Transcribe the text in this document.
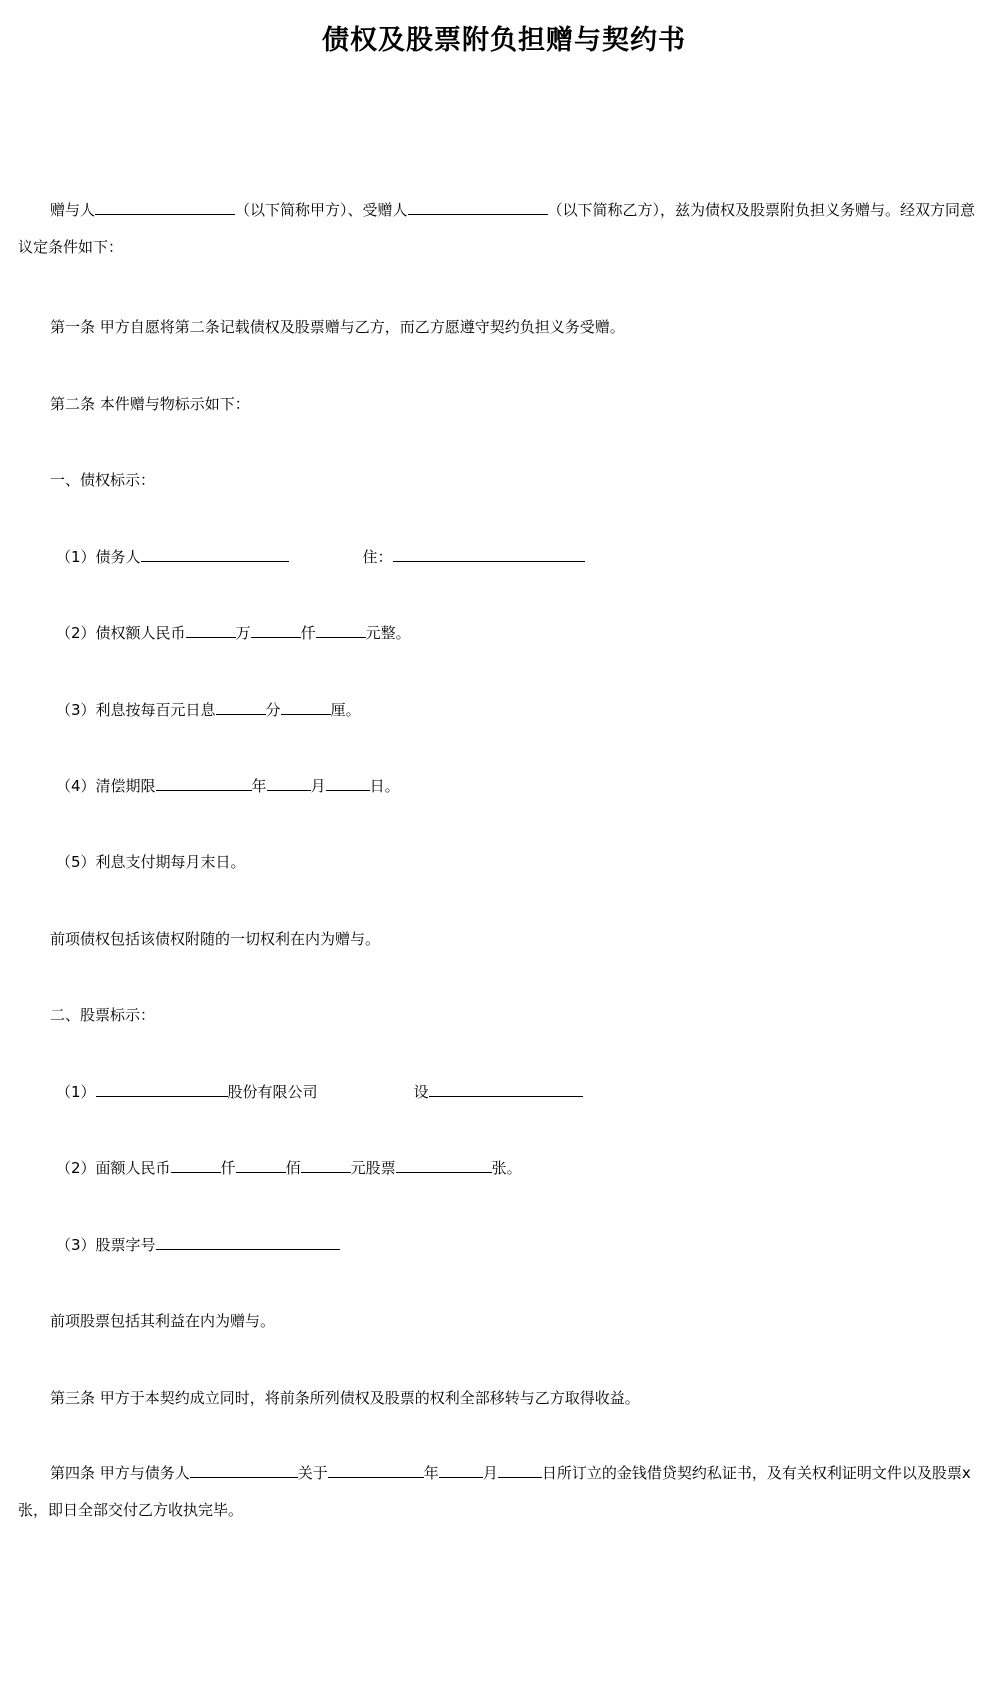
债权及股票附负担赠与契约书

赠与人	（以下简称甲方）、受赠人	（以下简称乙方），兹为债权及股票附负担义务赠与。经双方同意议定条件如下：

第一条 甲方自愿将第二条记载债权及股票赠与乙方，而乙方愿遵守契约负担义务受赠。

第二条 本件赠与物标示如下：

一、债权标示：

（1）债务人	住：

（2）债权额人民币	万	仟	元整。

（3）利息按每百元日息	分	厘。

（4）清偿期限	年	月	日。

（5）利息支付期每月末日。

前项债权包括该债权附随的一切权利在内为赠与。

二、股票标示：

（1）	股份有限公司	设

（2）面额人民币	仟	佰	元股票	张。

（3）股票字号

前项股票包括其利益在内为赠与。

第三条 甲方于本契约成立同时，将前条所列债权及股票的权利全部移转与乙方取得收益。

第四条 甲方与债务人	关于	年	月	日所订立的金钱借贷契约私证书，及有关权利证明文件以及股票x张，即日全部交付乙方收执完毕。
